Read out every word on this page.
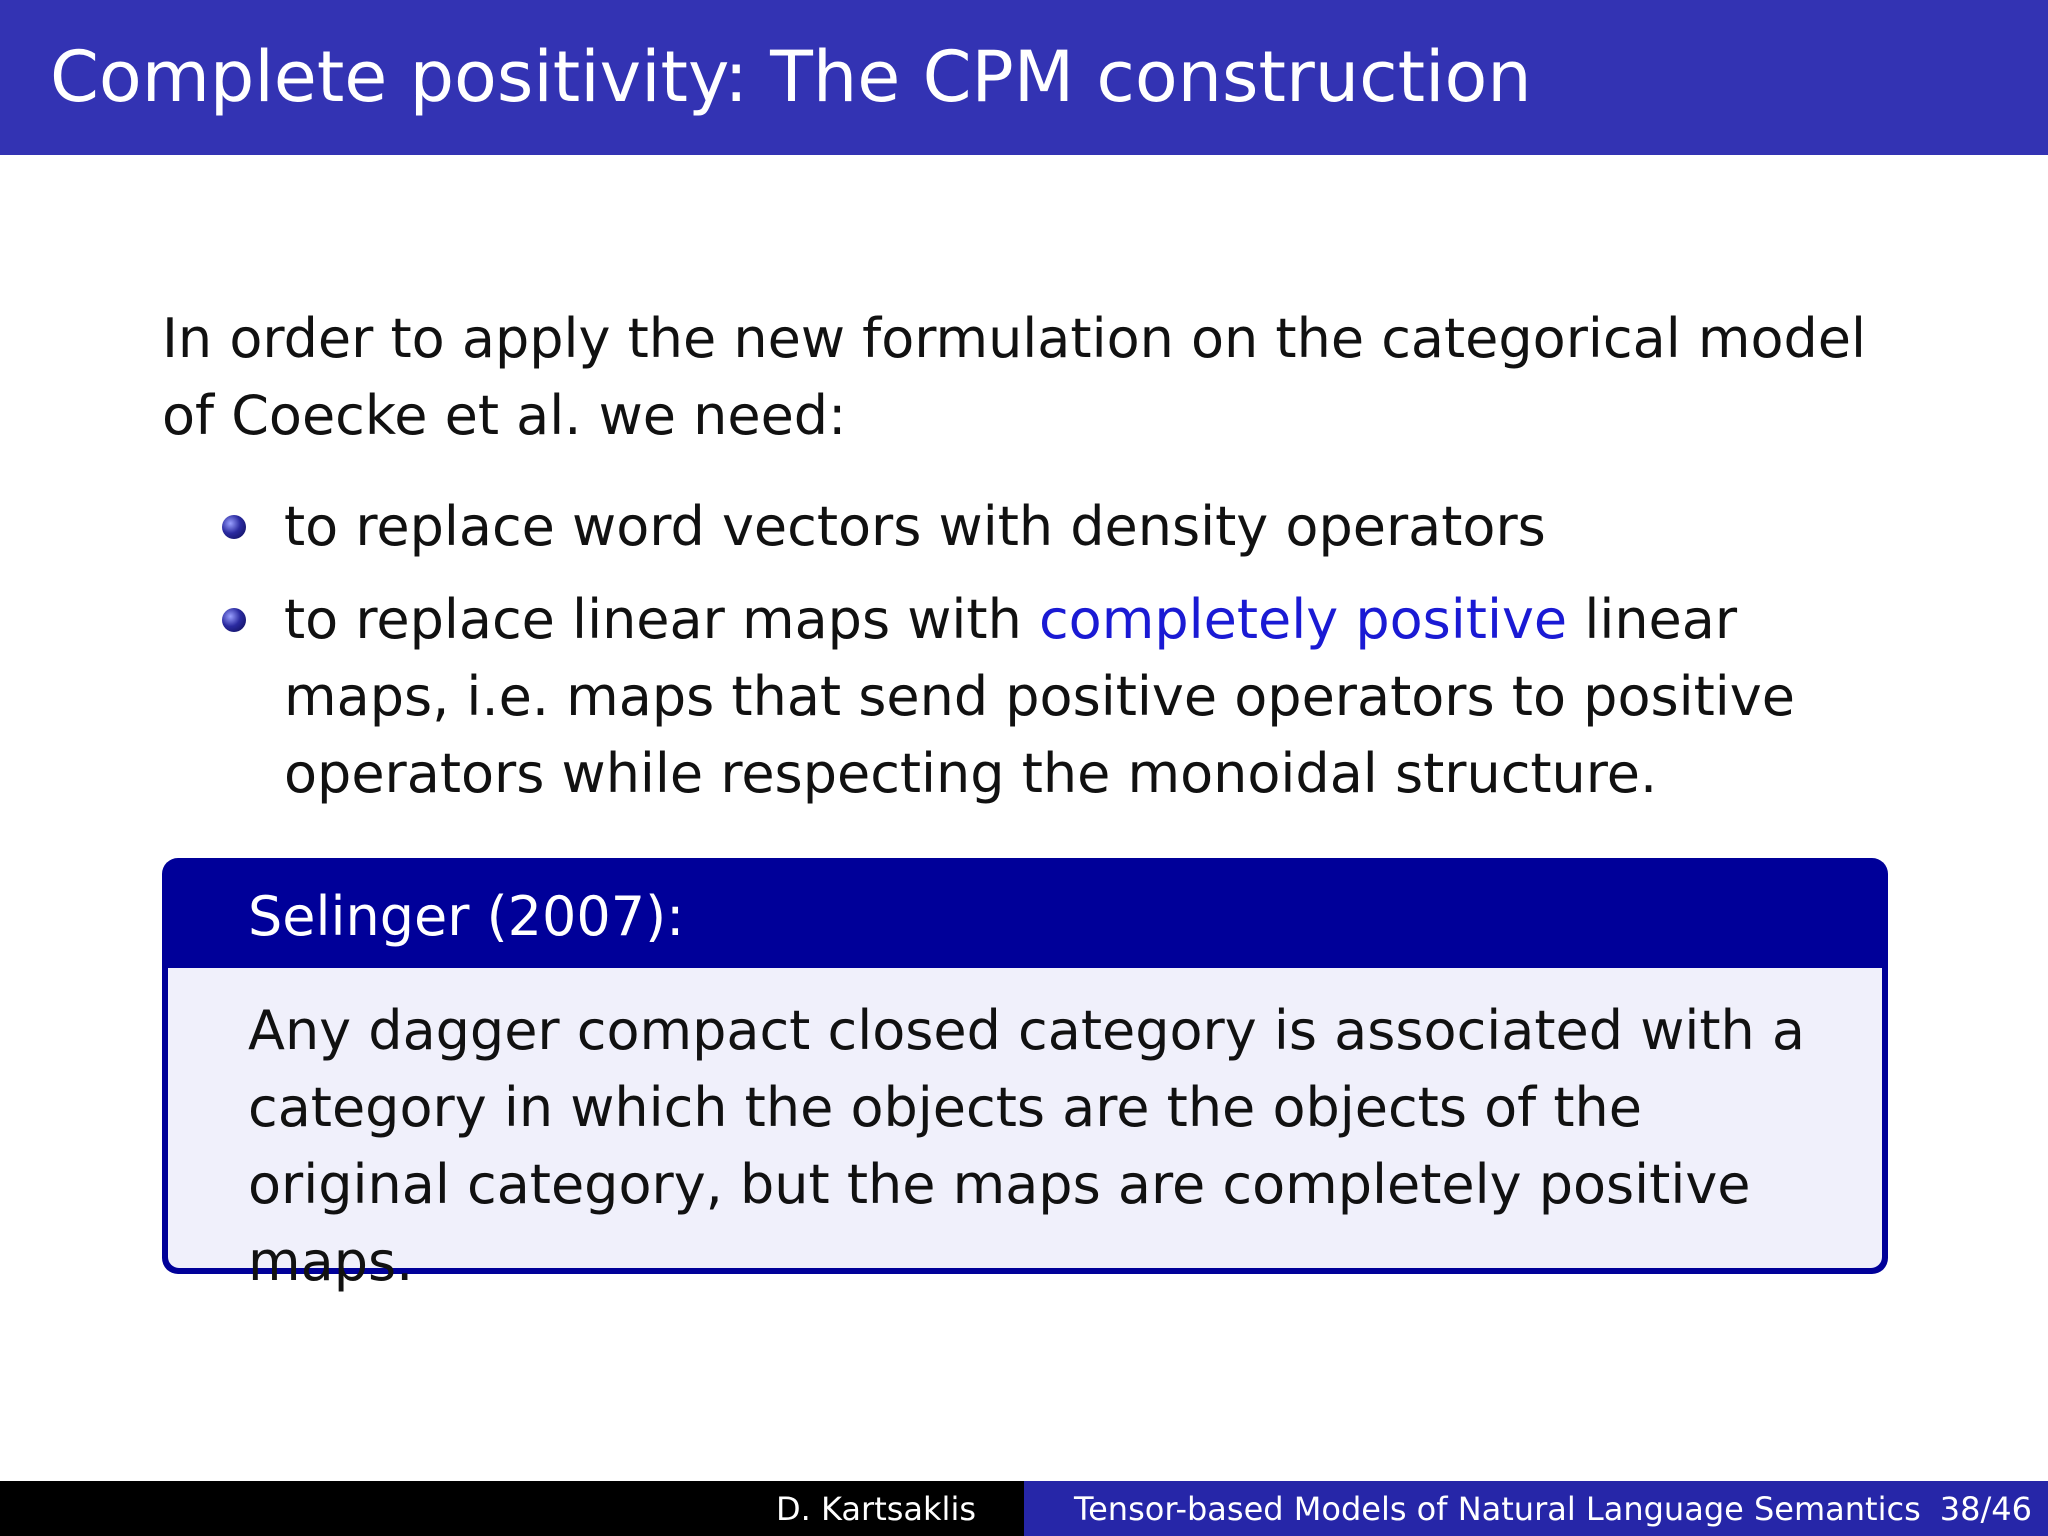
Complete positivity: The CPM construction

In order to apply the new formulation on the categorical model of Coecke et al. we need:

to replace word vectors with density operators
to replace linear maps with completely positive linear maps, i.e. maps that send positive operators to positive operators while respecting the monoidal structure.
Selinger (2007):

Any dagger compact closed category is associated with a category in which the objects are the objects of the original category, but the maps are completely positive maps.

D. Kartsaklis	Tensor-based Models of Natural Language Semantics 38/46
